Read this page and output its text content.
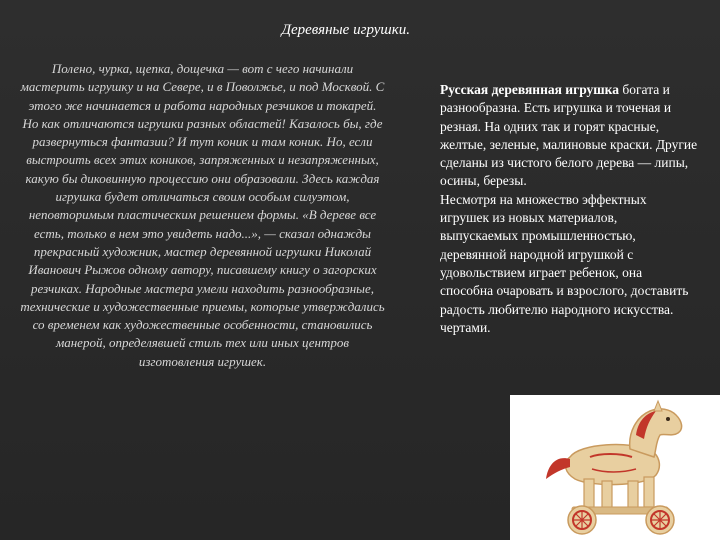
Деревяные игрушки.
Полено, чурка, щепка, дощечка — вот с чего начинали мастерить игрушку и на Севере, и в Поволжье, и под Москвой. С этого же начинается и работа народных резчиков и токарей. Но как отличаются игрушки разных областей! Казалось бы, где развернуться фантазии? И тут коник и там коник. Но, если выстроить всех этих коников, запряженных и незапряженных, какую бы диковинную процессию они образовали. Здесь каждая игрушка будет отличаться своим особым силуэтом, неповторимым пластическим решением формы. «В дереве все есть, только в нем это увидеть надо...», — сказал однажды прекрасный художник, мастер деревянной игрушки Николай Иванович Рыжов одному автору, писавшему книгу о загорских резчиках. Народные мастера умели находить разнообразные, технические и художественные приемы, которые утверждались со временем как художественные особенности, становились манерой, определявшей стиль тех или иных центров изготовления игрушек.

Русская деревянная игрушка богата и разнообразна. Есть игрушка и точеная и резная. На одних так и горят красные, желтые, зеленые, малиновые краски. Другие сделаны из чистого белого дерева — липы, осины, березы.

Несмотря на множество эффектных игрушек из новых материалов, выпускаемых промышленностью, деревянной народной игрушкой с удовольствием играет ребенок, она способна очаровать и взрослого, доставить радость любителю народного искусства.

чертами.
